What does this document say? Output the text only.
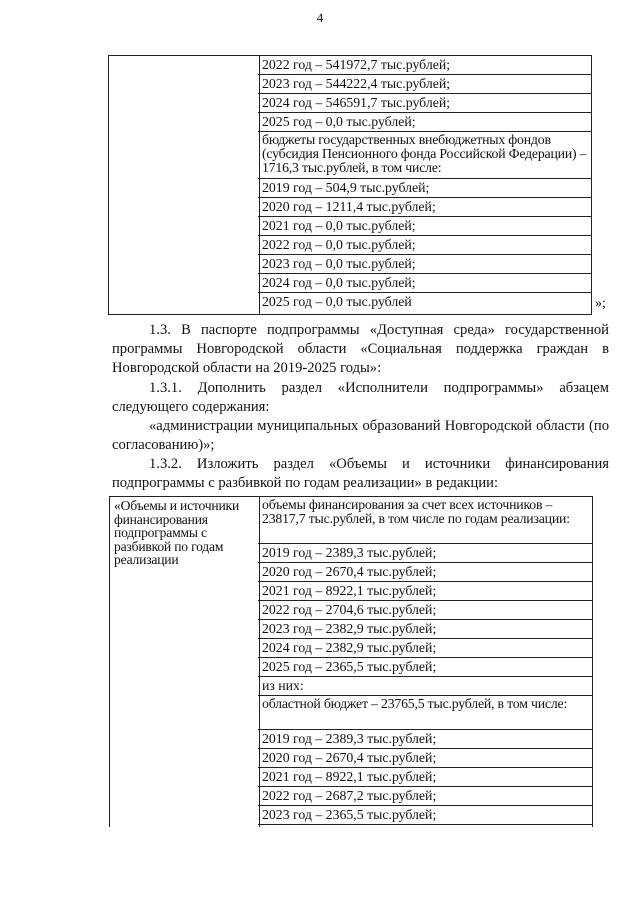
4
2022 год – 541972,7 тыс.рублей;
2023 год – 544222,4 тыс.рублей;
2024 год – 546591,7 тыс.рублей;
2025 год – 0,0 тыс.рублей;
бюджеты государственных внебюджетных фондов (субсидия Пенсионного фонда Российской Федерации) – 1716,3 тыс.рублей, в том числе:
2019 год – 504,9 тыс.рублей;
2020 год – 1211,4 тыс.рублей;
2021 год – 0,0 тыс.рублей;
2022 год – 0,0 тыс.рублей;
2023 год – 0,0 тыс.рублей;
2024 год – 0,0 тыс.рублей;
2025 год – 0,0 тыс.рублей	»;
1.3. В паспорте подпрограммы «Доступная среда» государственной программы Новгородской области «Социальная поддержка граждан в Новгородской области на 2019-2025 годы»:
1.3.1. Дополнить раздел «Исполнители подпрограммы» абзацем следующего содержания:
«администрации муниципальных образований Новгородской области (по согласованию)»;
1.3.2. Изложить раздел «Объемы и источники финансирования подпрограммы с разбивкой по годам реализации» в редакции:
«Объемы и источники финансирования подпрограммы с разбивкой по годам реализации
объемы финансирования за счет всех источников – 23817,7 тыс.рублей, в том числе по годам реализации:
2019 год – 2389,3 тыс.рублей;
2020 год – 2670,4 тыс.рублей;
2021 год – 8922,1 тыс.рублей;
2022 год – 2704,6 тыс.рублей;
2023 год – 2382,9 тыс.рублей;
2024 год – 2382,9 тыс.рублей;
2025 год – 2365,5 тыс.рублей;
из них:
областной бюджет – 23765,5 тыс.рублей, в том числе:
2019 год – 2389,3 тыс.рублей;
2020 год – 2670,4 тыс.рублей;
2021 год – 8922,1 тыс.рублей;
2022 год – 2687,2 тыс.рублей;
2023 год – 2365,5 тыс.рублей;
